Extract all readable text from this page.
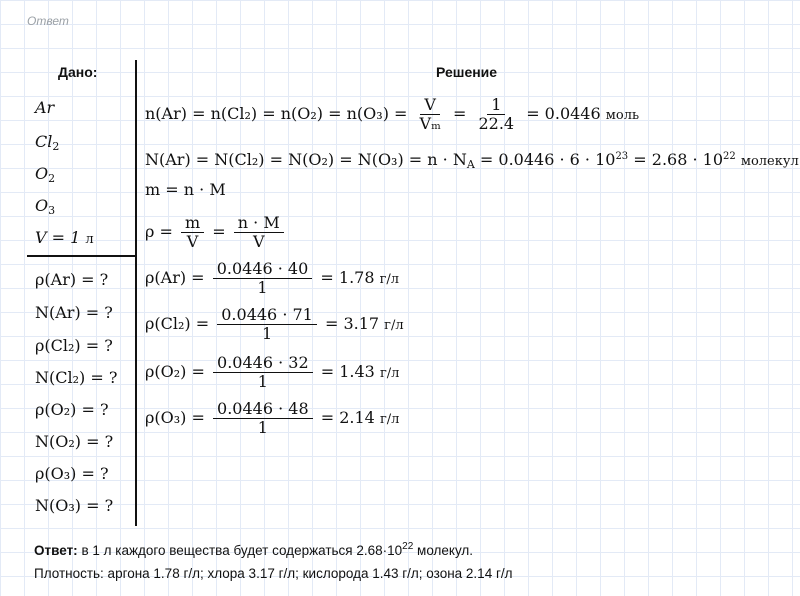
Ответ
Дано:	Решение
Ar
$Cl_2$
$O_2$
$O_3$
V = 1 л
ρ(Ar) = ?
N(Ar) = ?
ρ(Cl₂) = ?
N(Cl₂) = ?
ρ(O₂) = ?
N(O₂) = ?
ρ(O₃) = ?
N(O₃) = ?
$n(Ar) = n(Cl_2) = n(O_2) = n(O_3) = \frac{V}{\text{Vₘ}} = \frac{1}{22.4} = 0.0446$ моль
$N(Ar) = N(Cl_2) = N(O_2) = N(O_3) = n \cdot N_A = 0.0446 \cdot 6 \cdot 10^{23} = 2.68 \cdot 10^{22}$ молекул
m = n · M
$\rho = \frac{m}{V} = \frac{n \cdot M}{V}$
$\rho(Ar) = \frac{0.0446 \cdot 40}{1} = 1.78$ г/л
$\rho(Cl_2) = \frac{0.0446 \cdot 71}{1} = 3.17$ г/л
$\rho(O_2) = \frac{0.0446 \cdot 32}{1} = 1.43$ г/л
$\rho(O_3) = \frac{0.0446 \cdot 48}{1} = 2.14$ г/л
Ответ: в 1 л каждого вещества будет содержаться $2.68\cdot 10^{22}$ молекул.
Плотность: аргона 1.78 г/л; хлора 3.17 г/л; кислорода 1.43 г/л; озона 2.14 г/л
